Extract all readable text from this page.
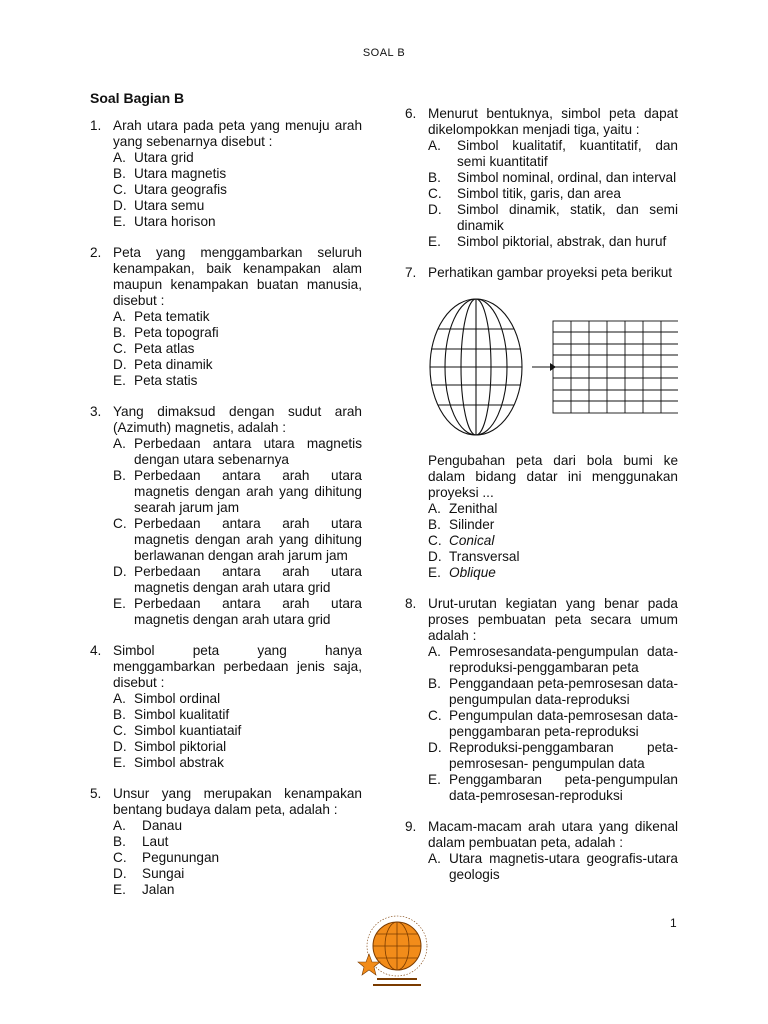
SOAL B
Soal Bagian B
1. Arah utara pada peta yang menuju arah yang sebenarnya disebut :
A. Utara grid
B. Utara magnetis
C. Utara geografis
D. Utara semu
E. Utara horison
2. Peta yang menggambarkan seluruh kenampakan, baik kenampakan alam maupun kenampakan buatan manusia, disebut :
A. Peta tematik
B. Peta topografi
C. Peta atlas
D. Peta dinamik
E. Peta statis
3. Yang dimaksud dengan sudut arah (Azimuth) magnetis, adalah :
A. Perbedaan antara utara magnetis dengan utara sebenarnya
B. Perbedaan antara arah utara magnetis dengan arah yang dihitung searah jarum jam
C. Perbedaan antara arah utara magnetis dengan arah yang dihitung berlawanan dengan arah jarum jam
D. Perbedaan antara arah utara magnetis dengan arah utara grid
E. Perbedaan antara arah utara magnetis dengan arah utara grid
4. Simbol peta yang hanya menggambarkan perbedaan jenis saja, disebut :
A. Simbol ordinal
B. Simbol kualitatif
C. Simbol kuantiataif
D. Simbol piktorial
E. Simbol abstrak
5. Unsur yang merupakan kenampakan bentang budaya dalam peta, adalah :
A.	Danau
B.	Laut
C.	Pegunungan
D.	Sungai
E.	Jalan
6. Menurut bentuknya, simbol peta dapat dikelompokkan menjadi tiga, yaitu :
A.	Simbol kualitatif, kuantitatif, dan semi kuantitatif
B.	Simbol nominal, ordinal, dan interval
C.	Simbol titik, garis, dan area
D.	Simbol dinamik, statik, dan semi dinamik
E.	Simbol piktorial, abstrak, dan huruf
7. Perhatikan gambar proyeksi peta berikut
Pengubahan peta dari bola bumi ke dalam bidang datar ini menggunakan proyeksi ...
A. Zenithal
B. Silinder
C. Conical
D. Transversal
E. Oblique
8. Urut-urutan kegiatan yang benar pada proses pembuatan peta secara umum adalah :
A. Pemrosesandata-pengumpulan data-reproduksi-penggambaran peta
B. Penggandaan peta-pemrosesan data-pengumpulan data-reproduksi
C. Pengumpulan data-pemrosesan data-penggambaran peta-reproduksi
D. Reproduksi-penggambaran peta-pemrosesan- pengumpulan data
E. Penggambaran peta-pengumpulan data-pemrosesan-reproduksi
9. Macam-macam arah utara yang dikenal dalam pembuatan peta, adalah :
A. Utara magnetis-utara geografis-utara geologis
1
